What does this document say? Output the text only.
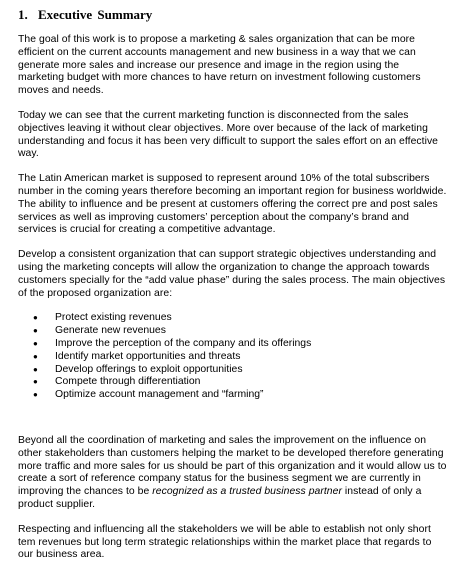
1. Executive Summary

The goal of this work is to propose a marketing & sales organization that can be more efficient on the current accounts management and new business in a way that we can generate more sales and increase our presence and image in the region using the marketing budget with more chances to have return on investment following customers moves and needs.

Today we can see that the current marketing function is disconnected from the sales objectives leaving it without clear objectives. More over because of the lack of marketing understanding and focus it has been very difficult to support the sales effort on an effective way.

The Latin American market is supposed to represent around 10% of the total subscribers number in the coming years therefore becoming an important region for business worldwide. The ability to influence and be present at customers offering the correct pre and post sales services as well as improving customers’ perception about the company’s brand and services is crucial for creating a competitive advantage.

Develop a consistent organization that can support strategic objectives understanding and using the marketing concepts will allow the organization to change the approach towards customers specially for the “add value phase” during the sales process. The main objectives of the proposed organization are:

●	Protect existing revenues
●	Generate new revenues
●	Improve the perception of the company and its offerings
●	Identify market opportunities and threats
●	Develop offerings to exploit opportunities
●	Compete through differentiation
●	Optimize account management and “farming”

Beyond all the coordination of marketing and sales the improvement on the influence on other stakeholders than customers helping the market to be developed therefore generating more traffic and more sales for us should be part of this organization and it would allow us to create a sort of reference company status for the business segment we are currently in improving the chances to be recognized as a trusted business partner instead of only a product supplier.

Respecting and influencing all the stakeholders we will be able to establish not only short tem revenues but long term strategic relationships within the market place that regards to our business area.
